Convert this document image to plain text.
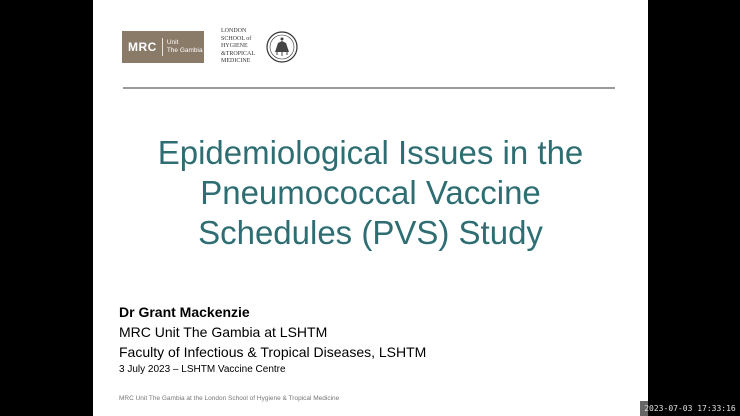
MRC	Unit
The Gambia
LONDON
SCHOOL of
HYGIENE
&TROPICAL
MEDICINE
Epidemiological Issues in the
Pneumococcal Vaccine
Schedules (PVS) Study
Dr Grant Mackenzie
MRC Unit The Gambia at LSHTM
Faculty of Infectious & Tropical Diseases, LSHTM
3 July 2023 – LSHTM Vaccine Centre
MRC Unit The Gambia at the London School of Hygiene & Tropical Medicine
2023-07-03 17:33:16
